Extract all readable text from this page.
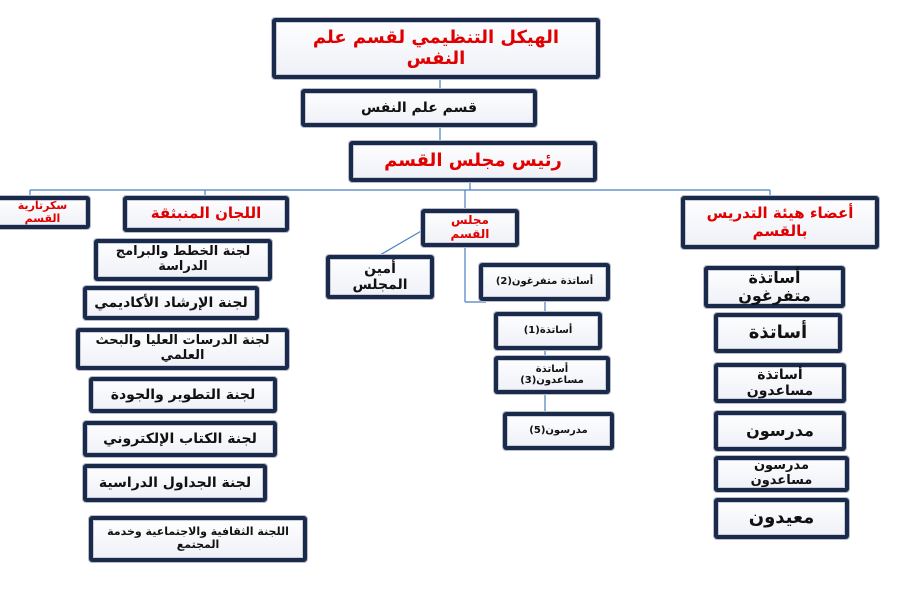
الهيكل التنظيمي لقسم علم النفس
قسم علم النفس
رئيس مجلس القسم
سكرتارية القسم	اللجان المنبثقة
لجنة الخطط والبرامج الدراسة
لجنة الإرشاد الأكاديمي
لجنة الدرسات العليا والبحث العلمي
لجنة التطوير والجودة
لجنة الكتاب الإلكتروني
لجنة الجداول الدراسية
اللجنة الثقافية والاجتماعية وخدمة المجتمع
مجلس القسم
أمين المجلس	أساتذة متفرغون(2)
أساتذة(1)
أساتذة مساعدون(3)
مدرسون(5)
أعضاء هيئة التدريس بالقسم
أساتذة متفرغون
أساتذة
أساتذة مساعدون
مدرسون
مدرسون مساعدون
معيدون
